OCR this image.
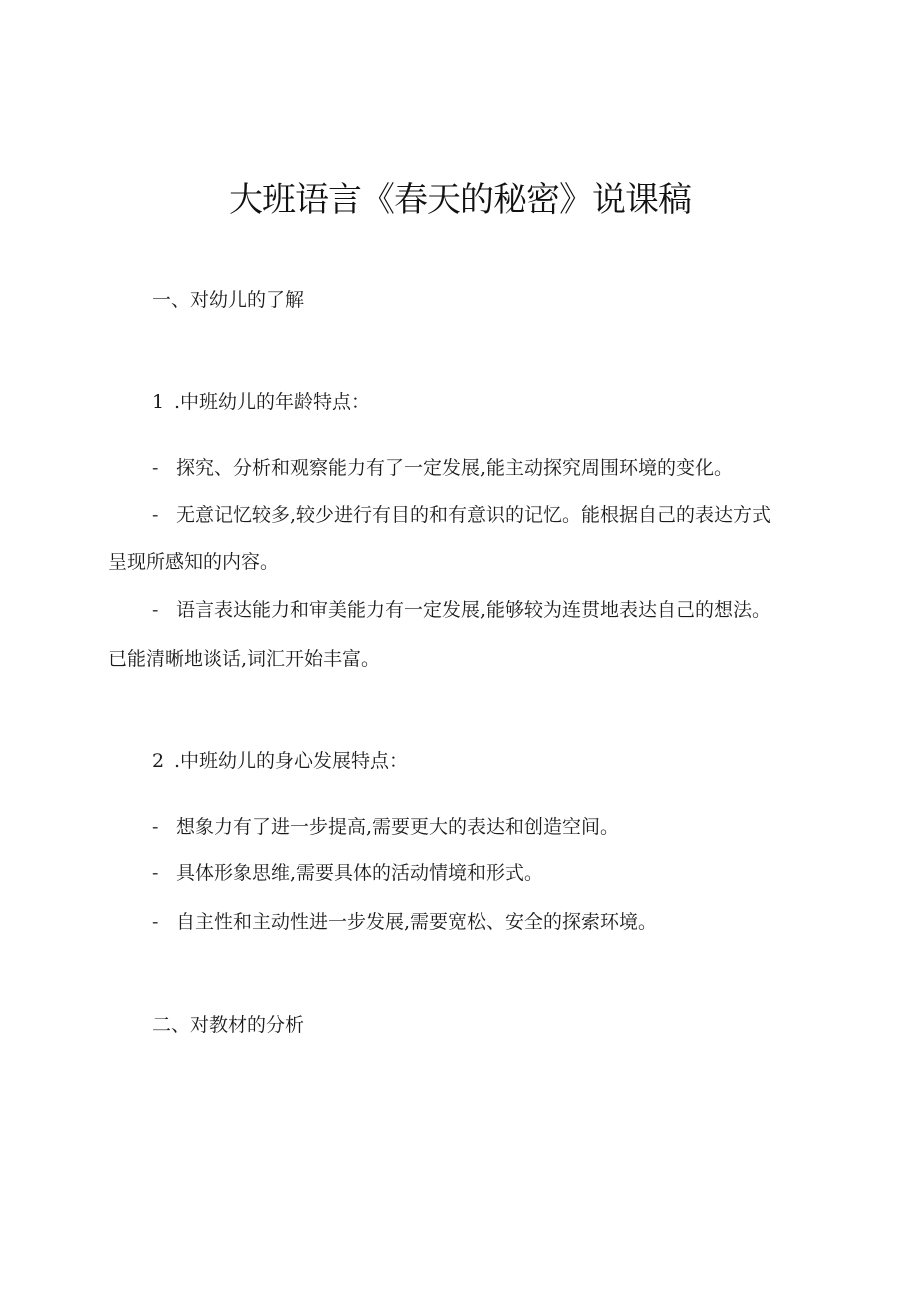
大班语言《春天的秘密》说课稿
一、对幼儿的了解
1 .中班幼儿的年龄特点：
- 探究、分析和观察能力有了一定发展,能主动探究周围环境的变化。
- 无意记忆较多,较少进行有目的和有意识的记忆。能根据自己的表达方式
呈现所感知的内容。
- 语言表达能力和审美能力有一定发展,能够较为连贯地表达自己的想法。
已能清晰地谈话,词汇开始丰富。
2 .中班幼儿的身心发展特点：
- 想象力有了进一步提高,需要更大的表达和创造空间。
- 具体形象思维,需要具体的活动情境和形式。
- 自主性和主动性进一步发展,需要宽松、安全的探索环境。
二、对教材的分析
